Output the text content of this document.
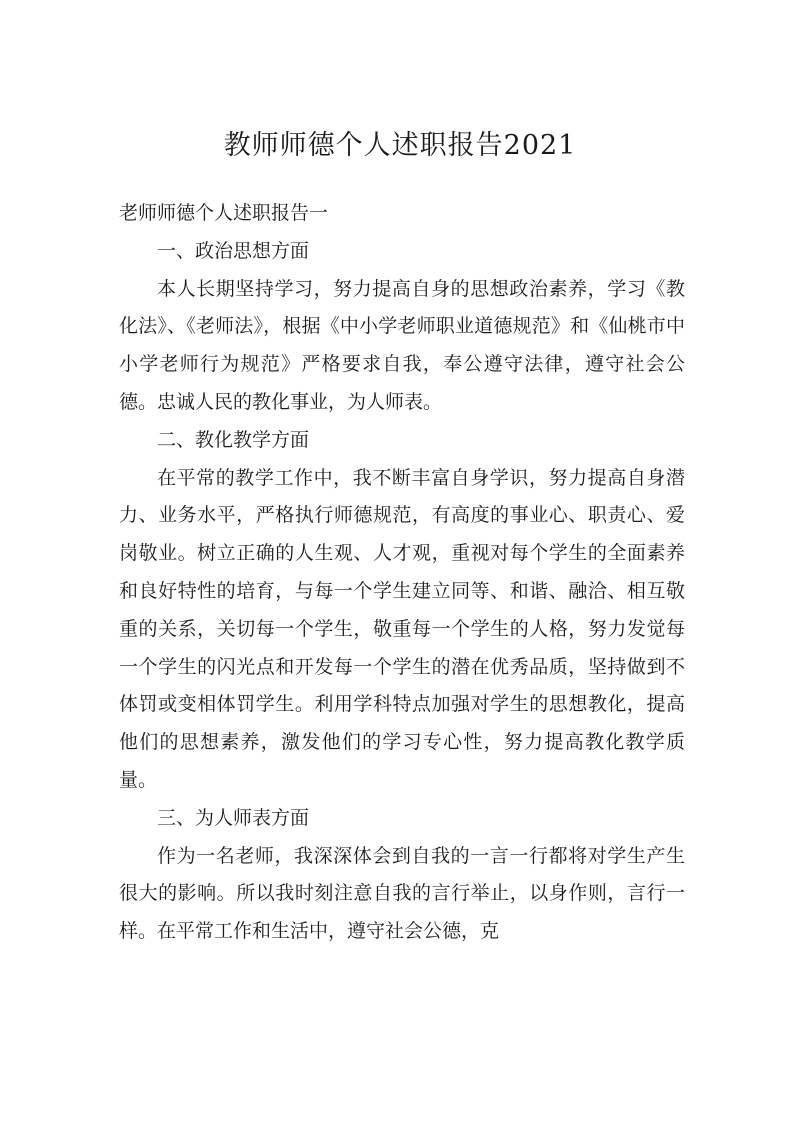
教师师德个人述职报告2021

老师师德个人述职报告一

一、政治思想方面

本人长期坚持学习，努力提高自身的思想政治素养，学习《教化法》、《老师法》，根据《中小学老师职业道德规范》和《仙桃市中小学老师行为规范》严格要求自我，奉公遵守法律，遵守社会公德。忠诚人民的教化事业，为人师表。

二、教化教学方面

在平常的教学工作中，我不断丰富自身学识，努力提高自身潜力、业务水平，严格执行师德规范，有高度的事业心、职责心、爱岗敬业。树立正确的人生观、人才观，重视对每个学生的全面素养和良好特性的培育，与每一个学生建立同等、和谐、融洽、相互敬重的关系，关切每一个学生，敬重每一个学生的人格，努力发觉每一个学生的闪光点和开发每一个学生的潜在优秀品质，坚持做到不体罚或变相体罚学生。利用学科特点加强对学生的思想教化，提高他们的思想素养，激发他们的学习专心性，努力提高教化教学质量。

三、为人师表方面

作为一名老师，我深深体会到自我的一言一行都将对学生产生很大的影响。所以我时刻注意自我的言行举止，以身作则，言行一样。在平常工作和生活中，遵守社会公德，克
